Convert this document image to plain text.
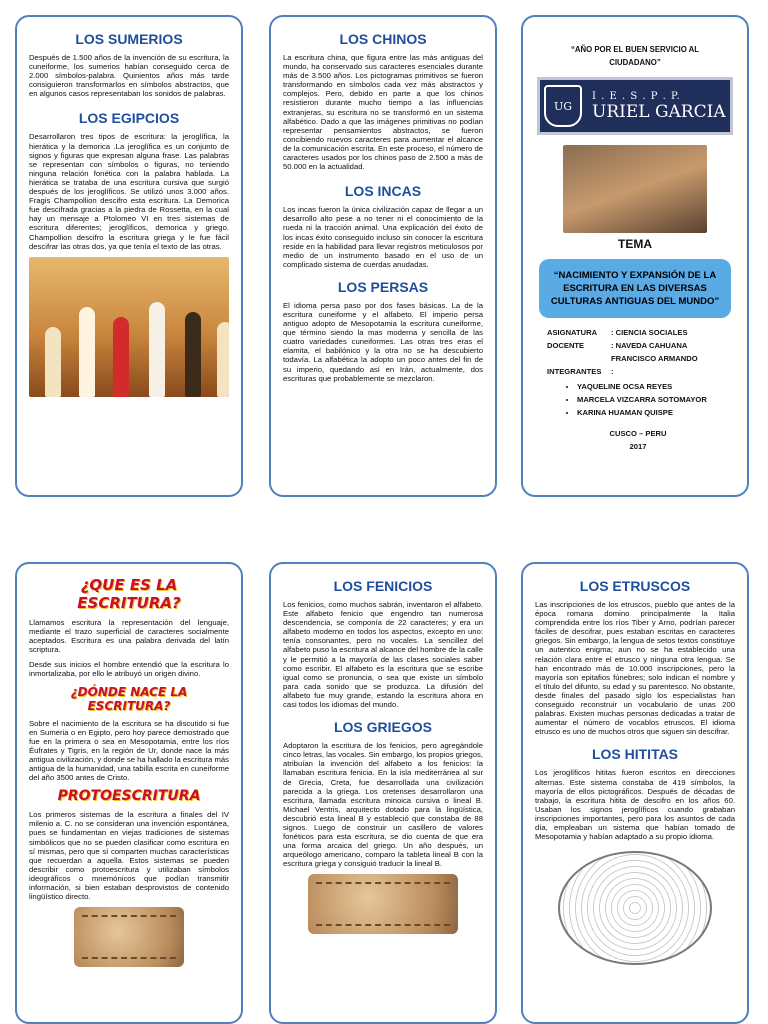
LOS SUMERIOS

Después de 1.500 años de la invención de su escritura, la cuneiforme, los sumerios habían conseguido cerca de 2.000 símbolos-palabra. Quinientos años más tarde consiguieron transformarlos en símbolos abstractos, que en algunos casos representaban los sonidos de palabras.

LOS EGIPCIOS

Desarrollaron tres tipos de escritura: la jeroglífica, la hierática y la demorica .La jeroglífica es un conjunto de signos y figuras que expresan alguna frase. Las palabras se representan con símbolos o figuras, no teniendo ninguna relación fonética con la palabra hablada. La hierática se trataba de una escritura cursiva que surgió después de los jeroglíficos. Se utilizó unos 3.000 años. Fragis Champollion descifro esta escritura. La Demorica fue descifrada gracias a la piedra de Rossetta, en la cual hay un mensaje a Ptolomeo VI en tres sistemas de escritura diferentes; jeroglíficos, demorica y griego. Champollion descifro la escritura griega y le fue fácil descifrar las otras dos, ya que tenía el texto de las otras.

LOS CHINOS

La escritura china, que figura entre las más antiguas del mundo, ha conservado sus caracteres esenciales durante más de 3.500 años. Los pictogramas primitivos se fueron transformando en símbolos cada vez más abstractos y complejos. Pero, debido en parte a que los chinos resistieron durante mucho tiempo a las influencias extranjeras, su escritura no se transformó en un sistema alfabético. Dado a que las imágenes primitivas no podían representar pensamientos abstractos, se fueron concibiendo nuevos caracteres para aumentar el alcance de la comunicación escrita. En este proceso, el número de caracteres usados por los chinos paso de 2.500 a más de 50.000 en la actualidad.

LOS INCAS

Los incas fueron la única civilización capaz de llegar a un desarrollo alto pese a no tener ni el conocimiento de la rueda ni la tracción animal. Una explicación del éxito de los incas éxito conseguido incluso sin conocer la escritura reside en la habilidad para llevar registros meticulosos por medio de un instrumento basado en el uso de un complicado sistema de cuerdas anudadas.

LOS PERSAS

El idioma persa paso por dos fases básicas. La de la escritura cuneiforme y el alfabeto. El imperio persa antiguo adopto de Mesopotamia la escritura cuneiforme, que término siendo la mas moderna y sencilla de las cuatro variedades cuneiformes. Las otras tres eras el elamita, el babilónico y la otra no se ha descubierto todavía. La alfabética la adopto un poco antes del fin de su imperio, quedando así en Irán, actualmente, dos escrituras que probablemente se mezclaron.

“AÑO POR EL BUEN SERVICIO AL CIUDADANO”
UG
I . E . S . P . P.
URIEL GARCIA
TEMA
“NACIMIENTO Y EXPANSIÓN DE LA ESCRITURA EN LAS DIVERSAS CULTURAS ANTIGUAS DEL MUNDO”
ASIGNATURA	: CIENCIA SOCIALES
DOCENTE	: NAVEDA CAHUANA
FRANCISCO ARMANDO
INTEGRANTES	:
• YAQUELINE OCSA REYES
• MARCELA VIZCARRA SOTOMAYOR
• KARINA HUAMAN QUISPE
CUSCO – PERU
2017
¿QUE ES LA ESCRITURA?

Llamamos escritura la representación del lenguaje, mediante el trazo superficial de caracteres socialmente aceptados. Escritura es una palabra derivada del latín scriptura.

Desde sus inicios el hombre entendió que la escritura lo inmortalizaba, por ello le atribuyó un origen divino.

¿DÓNDE NACE LA ESCRITURA?

Sobre el nacimiento de la escritura se ha discutido si fue en Sumeria o en Egipto, pero hoy parece demostrado que fue en la primera o sea en Mesopotamia, entre los ríos Éufrates y Tigris, en la región de Ur, donde nace la más antigua civilización, y donde se ha hallado la escritura más antigua de la humanidad, una tabilla escrita en cuneiforme del año 3500 antes de Cristo.

PROTOESCRITURA

Los primeros sistemas de la escritura a finales del IV milenio a. C. no se consideran una invención espontánea, pues se fundamentan en viejas tradiciones de sistemas simbólicos que no se pueden clasificar como escritura en sí mismas, pero que sí comparten muchas características que recuerdan a aquella. Estos sistemas se pueden describir como protoescritura y utilizaban símbolos ideográficos o mnemónicos que podían transmitir información, si bien estaban desprovistos de contenido lingüístico directo.

LOS FENICIOS

Los fenicios, como muchos sabrán, inventaron el alfabeto. Este alfabeto fenicio que engendro tan numerosa descendencia, se componía de 22 caracteres; y era un alfabeto moderno en todos los aspectos, excepto en uno: tenía consonantes, pero no vocales. La sencillez del alfabeto puso la escritura al alcance del hombre de la calle y le permitió a la mayoría de las clases sociales saber como escribir. El alfabeto es la escritura que se escribe igual como se pronuncia, o sea que existe un símbolo para cada sonido que se produzca. La difusión del alfabeto fue muy grande, estando la escritura ahora en casi todos los idiomas del mundo.

LOS GRIEGOS

Adoptaron la escritura de los fenicios, pero agregándole cinco letras, las vocales. Sin embargo, los propios griegos, atribuían la invención del alfabeto a los fenicios: la llamaban escritura fenicia. En la isla mediterránea al sur de Grecia, Creta, fue desarrollada una civilización parecida a la griega. Los cretenses desarrollaron una escritura, llamada escritura minoica cursiva o lineal B. Michael Ventris, arquitecto dotado para la lingüística, descubrió esta lineal B y estableció que constaba de 88 signos. Luego de construir un casillero de valores fonéticos para esta escritura, se dio cuenta de que era una forma arcaica del griego. Un año después, un arqueólogo americano, comparo la tableta lineal B con la escritura griega y consiguió traducir la lineal B.

LOS ETRUSCOS

Las inscripciones de los etruscos, pueblo que antes de la época romana domino principalmente la Italia comprendida entre los ríos Tiber y Arno, podrían parecer fáciles de descifrar, pues estaban escritas en caracteres griegos. Sin embargo, la lengua de setos textos constituye un autentico enigma; aun no se ha establecido una relación clara entre el etrusco y ninguna otra lengua. Se han encontrado más de 10.000 inscripciones, pero la mayoría son epitafios fúnebres; solo indican el nombre y el título del difunto, su edad y su parentesco. No obstante, desde finales del pasado siglo los especialistas han conseguido reconstruir un vocabulario de unas 200 palabras. Existen muchas personas dedicadas a tratar de aumentar el número de vocablos etruscos. El idioma etrusco es uno de muchos otros que siguen sin descifrar.

LOS HITITAS

Los jeroglíficos hititas fueron escritos en direcciones alternas. Este sistema constaba de 419 símbolos, la mayoría de ellos pictográficos. Después de décadas de trabajo, la escritura hitita de descifro en los años 60. Usaban los signos jeroglíficos cuando grababan inscripciones importantes, pero para los asuntos de cada día, empleaban un sistema que habían tomado de Mesopotamia y habían adaptado a su propio idioma.
